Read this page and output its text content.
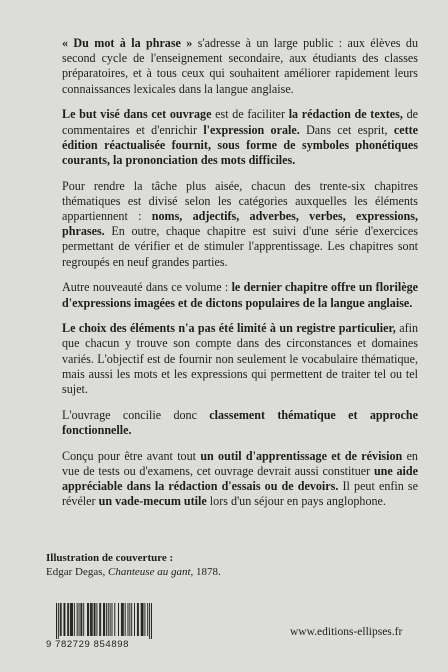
« Du mot à la phrase » s'adresse à un large public : aux élèves du second cycle de l'enseignement secondaire, aux étudiants des classes préparatoires, et à tous ceux qui souhaitent améliorer rapidement leurs connaissances lexicales dans la langue anglaise.

Le but visé dans cet ouvrage est de faciliter la rédaction de textes, de commentaires et d'enrichir l'expression orale. Dans cet esprit, cette édition réactualisée fournit, sous forme de symboles phonétiques courants, la prononciation des mots difficiles.

Pour rendre la tâche plus aisée, chacun des trente-six chapitres thématiques est divisé selon les catégories auxquelles les éléments appartiennent : noms, adjectifs, adverbes, verbes, expressions, phrases. En outre, chaque chapitre est suivi d'une série d'exercices permettant de vérifier et de stimuler l'apprentissage. Les chapitres sont regroupés en neuf grandes parties.

Autre nouveauté dans ce volume : le dernier chapitre offre un florilège d'expressions imagées et de dictons populaires de la langue anglaise.

Le choix des éléments n'a pas été limité à un registre particulier, afin que chacun y trouve son compte dans des circonstances et domaines variés. L'objectif est de fournir non seulement le vocabulaire thématique, mais aussi les mots et les expressions qui permettent de traiter tel ou tel sujet.

L'ouvrage concilie donc classement thématique et approche fonctionnelle.

Conçu pour être avant tout un outil d'apprentissage et de révision en vue de tests ou d'examens, cet ouvrage devrait aussi constituer une aide appréciable dans la rédaction d'essais ou de devoirs. Il peut enfin se révéler un vade-mecum utile lors d'un séjour en pays anglophone.

Illustration de couverture :
Edgar Degas, Chanteuse au gant, 1878.
9 782729 854898
www.editions-ellipses.fr
